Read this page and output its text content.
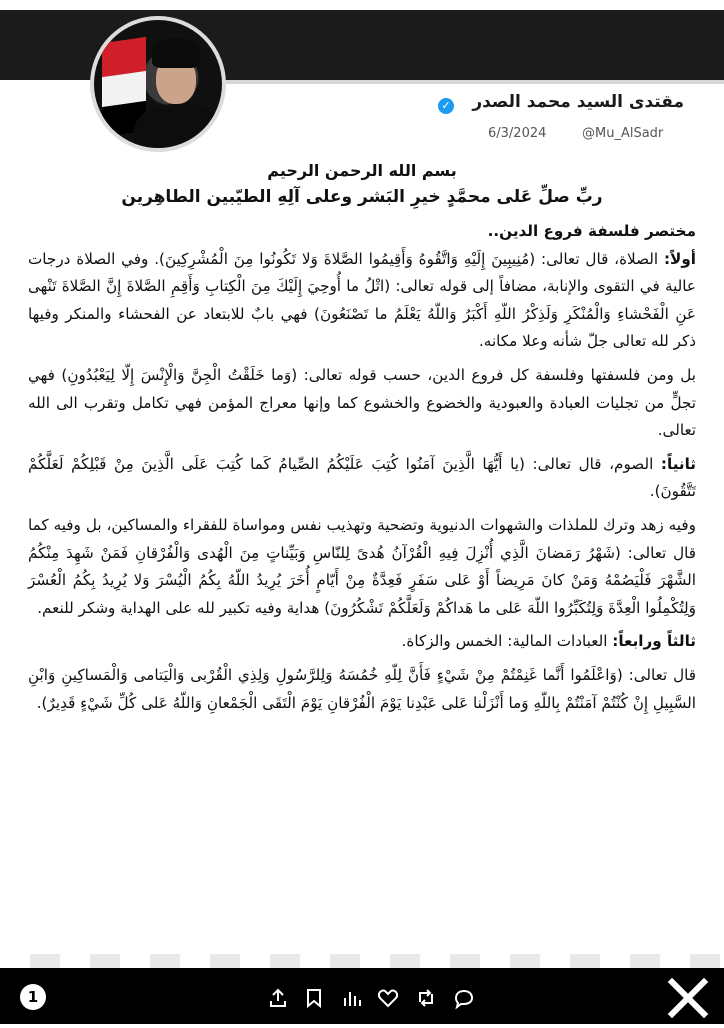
مقتدى السيد محمد الصدر
✓
@Mu_AlSadr
6/3/2024
بسم الله الرحمن الرحيم
ربِّ صلِّ عَلى محمَّدٍ خيرِ البَشر وعلى آلِهِ الطيّبين الطاهِرين
مختصر فلسفة فروع الدين..

أولاً: الصلاة، قال تعالى: (مُنِيبِينَ إِلَيْهِ وَاتَّقُوهُ وَأَقِيمُوا الصَّلاةَ وَلا تَكُونُوا مِنَ الْمُشْرِكِينَ). وفي الصلاة درجات عالية في التقوى والإنابة، مضافاً إلى قوله تعالى: (اتْلُ ما أُوحِيَ إِلَيْكَ مِنَ الْكِتابِ وَأَقِمِ الصَّلاةَ إِنَّ الصَّلاةَ تَنْهى عَنِ الْفَحْشاءِ وَالْمُنْكَرِ وَلَذِكْرُ اللّهِ أَكْبَرُ وَاللّهُ يَعْلَمُ ما تَصْنَعُونَ) فهي بابٌ للابتعاد عن الفحشاء والمنكر وفيها ذكر لله تعالى جلّ شأنه وعلا مكانه.

بل ومن فلسفتها وفلسفة كل فروع الدين، حسب قوله تعالى: (وَما خَلَقْتُ الْجِنَّ وَالْإِنْسَ إِلّا لِيَعْبُدُونِ) فهي تجلٍّ من تجليات العبادة والعبودية والخضوع والخشوع كما وإنها معراج المؤمن فهي تكامل وتقرب الى الله تعالى.

ثانياً: الصوم، قال تعالى: (يا أَيُّهَا الَّذِينَ آمَنُوا كُتِبَ عَلَيْكُمُ الصِّيامُ كَما كُتِبَ عَلَى الَّذِينَ مِنْ قَبْلِكُمْ لَعَلَّكُمْ تَتَّقُونَ).

وفيه زهد وترك للملذات والشهوات الدنيوية وتضحية وتهذيب نفس ومواساة للفقراء والمساكين، بل وفيه كما قال تعالى: (شَهْرُ رَمَضانَ الَّذِي أُنْزِلَ فِيهِ الْقُرْآنُ هُدىً لِلنّاسِ وَبَيِّناتٍ مِنَ الْهُدى وَالْفُرْقانِ فَمَنْ شَهِدَ مِنْكُمُ الشَّهْرَ فَلْيَصُمْهُ وَمَنْ كانَ مَرِيضاً أَوْ عَلى سَفَرٍ فَعِدَّةٌ مِنْ أَيّامٍ أُخَرَ يُرِيدُ اللّهُ بِكُمُ الْيُسْرَ وَلا يُرِيدُ بِكُمُ الْعُسْرَ وَلِتُكْمِلُوا الْعِدَّةَ وَلِتُكَبِّرُوا اللّهَ عَلى ما هَداكُمْ وَلَعَلَّكُمْ تَشْكُرُونَ) هداية وفيه تكبير لله على الهداية وشكر للنعم.

ثالثاً ورابعاً: العبادات المالية: الخمس والزكاة.

قال تعالى: (وَاعْلَمُوا أَنَّما غَنِمْتُمْ مِنْ شَيْءٍ فَأَنَّ لِلّهِ خُمُسَهُ وَلِلرَّسُولِ وَلِذِي الْقُرْبى وَالْيَتامى وَالْمَساكِينِ وَابْنِ السَّبِيلِ إِنْ كُنْتُمْ آمَنْتُمْ بِاللّهِ وَما أَنْزَلْنا عَلى عَبْدِنا يَوْمَ الْفُرْقانِ يَوْمَ الْتَقَى الْجَمْعانِ وَاللّهُ عَلى كُلِّ شَيْءٍ قَدِيرٌ).

1
